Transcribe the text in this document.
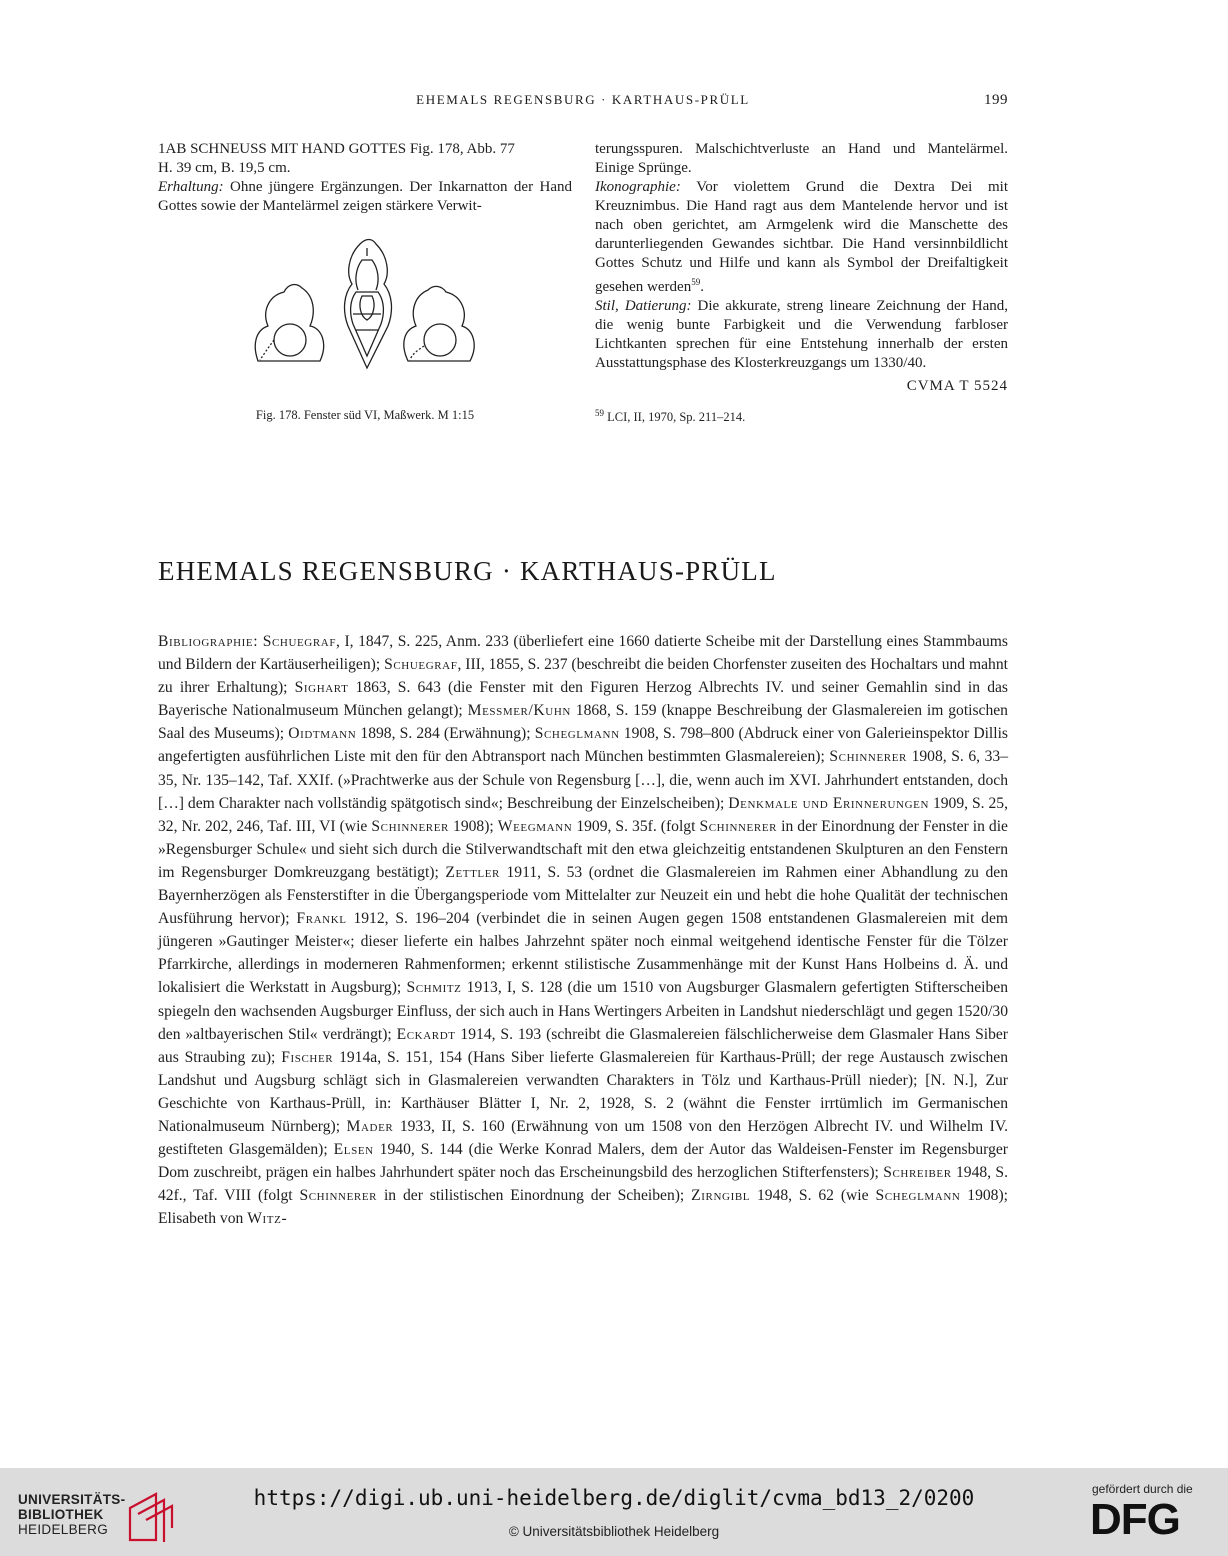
EHEMALS REGENSBURG · KARTHAUS-PRÜLL	199

1AB SCHNEUSS MIT HAND GOTTES Fig. 178, Abb. 77

H. 39 cm, B. 19,5 cm.

Erhaltung: Ohne jüngere Ergänzungen. Der Inkarnatton der Hand Gottes sowie der Mantelärmel zeigen stärkere Verwit-

Fig. 178. Fenster süd VI, Maßwerk. M 1:15

terungsspuren. Malschichtverluste an Hand und Mantelärmel. Einige Sprünge.

Ikonographie: Vor violettem Grund die Dextra Dei mit Kreuznimbus. Die Hand ragt aus dem Mantelende hervor und ist nach oben gerichtet, am Armgelenk wird die Manschette des darunterliegenden Gewandes sichtbar. Die Hand versinnbildlicht Gottes Schutz und Hilfe und kann als Symbol der Dreifaltigkeit gesehen werden$^{59}$.

Stil, Datierung: Die akkurate, streng lineare Zeichnung der Hand, die wenig bunte Farbigkeit und die Verwendung farbloser Lichtkanten sprechen für eine Entstehung innerhalb der ersten Ausstattungsphase des Klosterkreuzgangs um 1330/40.

CVMA T 5524

$^{59}$ LCI, II, 1970, Sp. 211–214.
EHEMALS REGENSBURG · KARTHAUS-PRÜLL

Bibliographie: Schuegraf, I, 1847, S. 225, Anm. 233 (überliefert eine 1660 datierte Scheibe mit der Darstellung eines Stammbaums und Bildern der Kartäuserheiligen); Schuegraf, III, 1855, S. 237 (beschreibt die beiden Chorfenster zuseiten des Hochaltars und mahnt zu ihrer Erhaltung); Sighart 1863, S. 643 (die Fenster mit den Figuren Herzog Albrechts IV. und seiner Gemahlin sind in das Bayerische Nationalmuseum München gelangt); Messmer/Kuhn 1868, S. 159 (knappe Beschreibung der Glasmalereien im gotischen Saal des Museums); Oidtmann 1898, S. 284 (Erwähnung); Scheglmann 1908, S. 798–800 (Abdruck einer von Galerieinspektor Dillis angefertigten ausführlichen Liste mit den für den Abtransport nach München bestimmten Glasmalereien); Schinnerer 1908, S. 6, 33–35, Nr. 135–142, Taf. XXIf. (»Prachtwerke aus der Schule von Regensburg […], die, wenn auch im XVI. Jahrhundert entstanden, doch […] dem Charakter nach vollständig spätgotisch sind«; Beschreibung der Einzelscheiben); Denkmale und Erinnerungen 1909, S. 25, 32, Nr. 202, 246, Taf. III, VI (wie Schinnerer 1908); Weegmann 1909, S. 35f. (folgt Schinnerer in der Einordnung der Fenster in die »Regensburger Schule« und sieht sich durch die Stilverwandtschaft mit den etwa gleichzeitig entstandenen Skulpturen an den Fenstern im Regensburger Domkreuzgang bestätigt); Zettler 1911, S. 53 (ordnet die Glasmalereien im Rahmen einer Abhandlung zu den Bayernherzögen als Fensterstifter in die Übergangsperiode vom Mittelalter zur Neuzeit ein und hebt die hohe Qualität der technischen Ausführung hervor); Frankl 1912, S. 196–204 (verbindet die in seinen Augen gegen 1508 entstandenen Glasmalereien mit dem jüngeren »Gautinger Meister«; dieser lieferte ein halbes Jahrzehnt später noch einmal weitgehend identische Fenster für die Tölzer Pfarrkirche, allerdings in moderneren Rahmenformen; erkennt stilistische Zusammenhänge mit der Kunst Hans Holbeins d. Ä. und lokalisiert die Werkstatt in Augsburg); Schmitz 1913, I, S. 128 (die um 1510 von Augsburger Glasmalern gefertigten Stifterscheiben spiegeln den wachsenden Augsburger Einfluss, der sich auch in Hans Wertingers Arbeiten in Landshut niederschlägt und gegen 1520/30 den »altbayerischen Stil« verdrängt); Eckardt 1914, S. 193 (schreibt die Glasmalereien fälschlicherweise dem Glasmaler Hans Siber aus Straubing zu); Fischer 1914a, S. 151, 154 (Hans Siber lieferte Glasmalereien für Karthaus-Prüll; der rege Austausch zwischen Landshut und Augsburg schlägt sich in Glasmalereien verwandten Charakters in Tölz und Karthaus-Prüll nieder); [N. N.], Zur Geschichte von Karthaus-Prüll, in: Karthäuser Blätter I, Nr. 2, 1928, S. 2 (wähnt die Fenster irrtümlich im Germanischen Nationalmuseum Nürnberg); Mader 1933, II, S. 160 (Erwähnung von um 1508 von den Herzögen Albrecht IV. und Wilhelm IV. gestifteten Glasgemälden); Elsen 1940, S. 144 (die Werke Konrad Malers, dem der Autor das Waldeisen-Fenster im Regensburger Dom zuschreibt, prägen ein halbes Jahrhundert später noch das Erscheinungsbild des herzoglichen Stifterfensters); Schreiber 1948, S. 42f., Taf. VIII (folgt Schinnerer in der stilistischen Einordnung der Scheiben); Zirngibl 1948, S. 62 (wie Scheglmann 1908); Elisabeth von Witz-

UNIVERSITÄTS-
BIBLIOTHEK
HEIDELBERG
https://digi.ub.uni-heidelberg.de/diglit/cvma_bd13_2/0200
© Universitätsbibliothek Heidelberg
gefördert durch die
DFG
